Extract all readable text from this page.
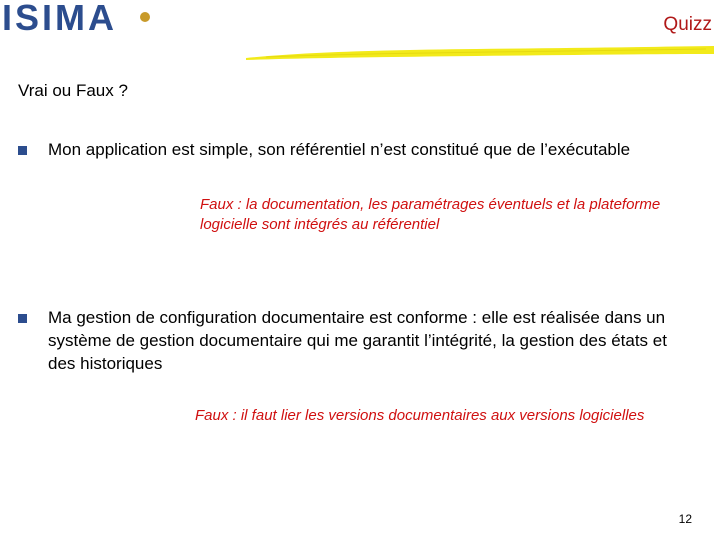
ISIMA	Quizz
Vrai ou Faux ?
Mon application est simple, son référentiel n’est constitué que de l’exécutable
Faux : la documentation, les paramétrages éventuels et la plateforme logicielle sont intégrés au référentiel
Ma gestion de configuration documentaire est conforme : elle est réalisée dans un système de gestion documentaire qui me garantit l’intégrité, la gestion des états et des historiques
Faux : il faut lier les versions documentaires aux versions logicielles
12
